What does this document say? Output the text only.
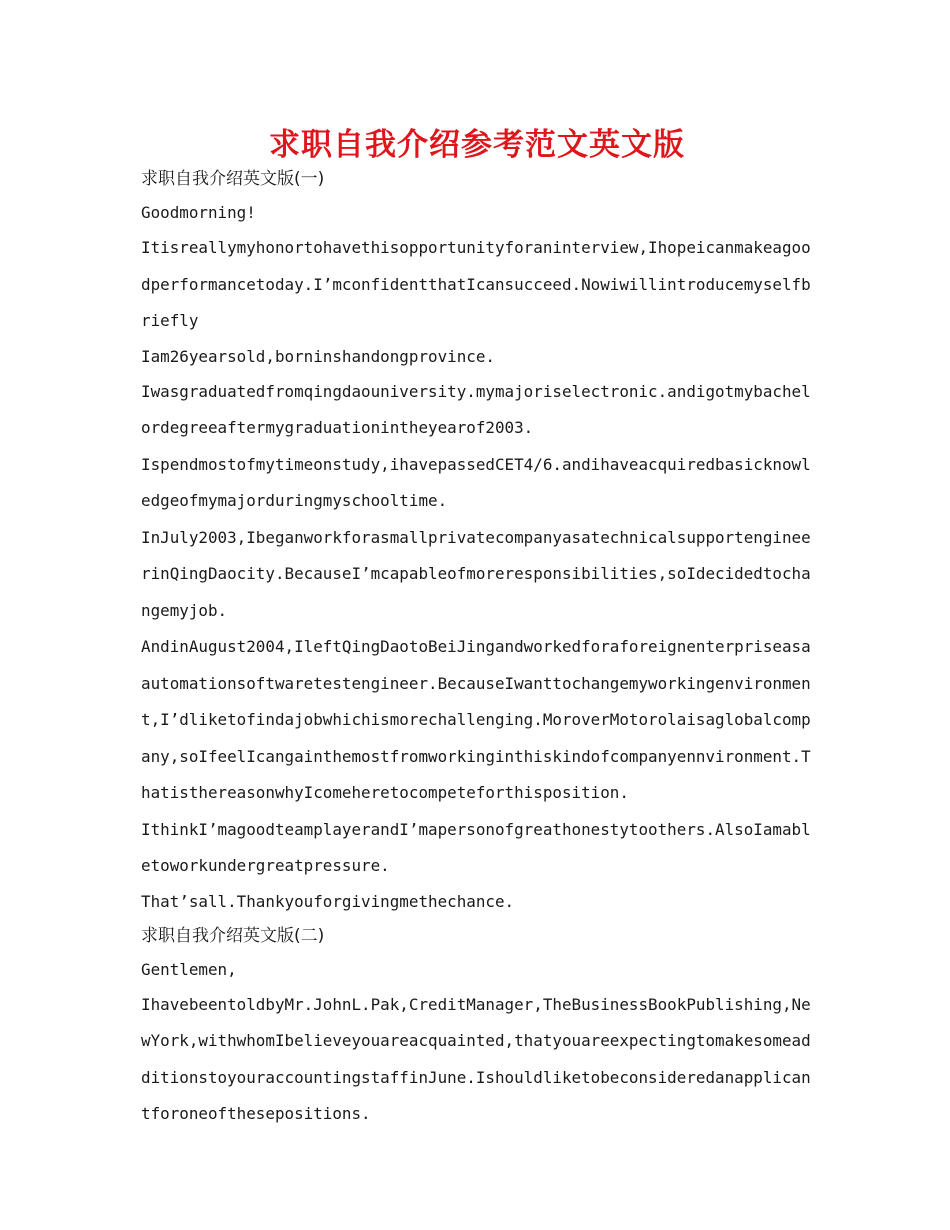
求职自我介绍参考范文英文版

求职自我介绍英文版(一)

Goodmorning!

Itisreallymyhonortohavethisopportunityforaninterview,Ihopeicanmakeagoodperformancetoday.I’mconfidentthatIcansucceed.Nowiwillintroducemyselfbriefly

Iam26yearsold,borninshandongprovince.

Iwasgraduatedfromqingdaouniversity.mymajoriselectronic.andigotmybachelordegreeaftermygraduationintheyearof2003.

Ispendmostofmytimeonstudy,ihavepassedCET4/6.andihaveacquiredbasicknowledgeofmymajorduringmyschooltime.

InJuly2003,IbeganworkforasmallprivatecompanyasatechnicalsupportengineerinQingDaocity.BecauseI’mcapableofmoreresponsibilities,soIdecidedtochangemyjob.

AndinAugust2004,IleftQingDaotoBeiJingandworkedforaforeignenterpriseasaautomationsoftwaretestengineer.BecauseIwanttochangemyworkingenvironment,I’dliketofindajobwhichismorechallenging.MoroverMotorolaisaglobalcompany,soIfeelIcangainthemostfromworkinginthiskindofcompanyennvironment.ThatisthereasonwhyIcomeheretocompeteforthisposition.

IthinkI’magoodteamplayerandI’mapersonofgreathonestytoothers.AlsoIamabletoworkundergreatpressure.

That’sall.Thankyouforgivingmethechance.

求职自我介绍英文版(二)

Gentlemen,

IhavebeentoldbyMr.JohnL.Pak,CreditManager,TheBusinessBookPublishing,NewYork,withwhomIbelieveyouareacquainted,thatyouareexpectingtomakesomeadditionstoyouraccountingstaffinJune.Ishouldliketobeconsideredanapplicantforoneofthesepositions.
